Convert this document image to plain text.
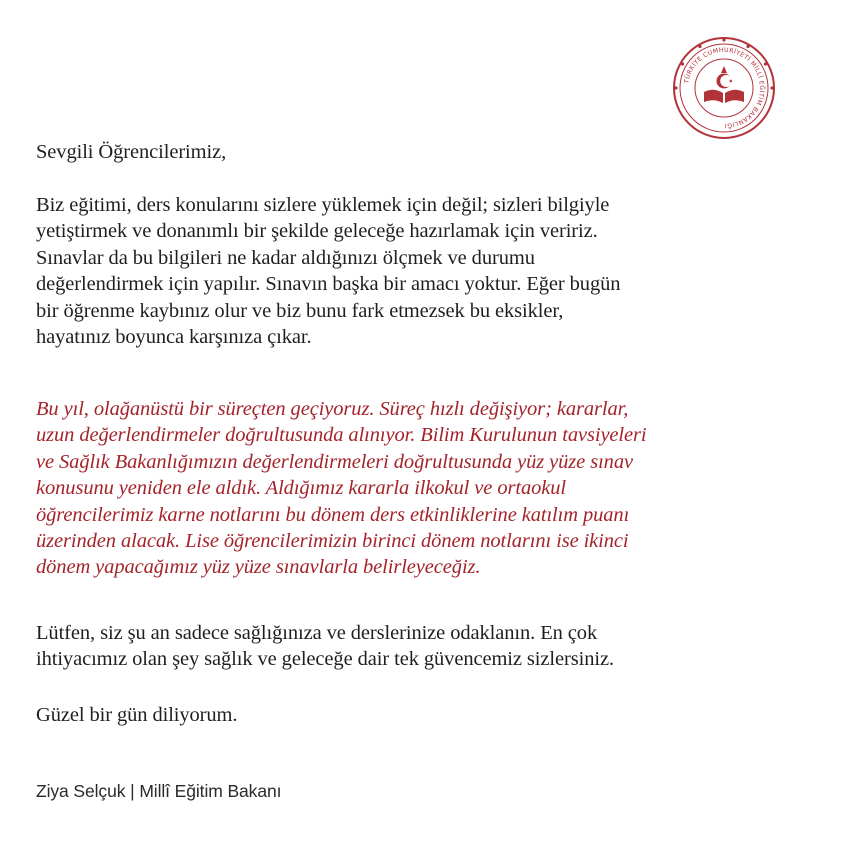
TÜRKİYE CUMHURİYETİ MİLLÎ EĞİTİM BAKANLIĞI
Sevgili Öğrencilerimiz,
Biz eğitimi, ders konularını sizlere yüklemek için değil; sizleri bilgiyle
yetiştirmek ve donanımlı bir şekilde geleceğe hazırlamak için veririz.
Sınavlar da bu bilgileri ne kadar aldığınızı ölçmek ve durumu
değerlendirmek için yapılır. Sınavın başka bir amacı yoktur. Eğer bugün
bir öğrenme kaybınız olur ve biz bunu fark etmezsek bu eksikler,
hayatınız boyunca karşınıza çıkar.
Bu yıl, olağanüstü bir süreçten geçiyoruz. Süreç hızlı değişiyor; kararlar,
uzun değerlendirmeler doğrultusunda alınıyor. Bilim Kurulunun tavsiyeleri
ve Sağlık Bakanlığımızın değerlendirmeleri doğrultusunda yüz yüze sınav
konusunu yeniden ele aldık. Aldığımız kararla ilkokul ve ortaokul
öğrencilerimiz karne notlarını bu dönem ders etkinliklerine katılım puanı
üzerinden alacak. Lise öğrencilerimizin birinci dönem notlarını ise ikinci
dönem yapacağımız yüz yüze sınavlarla belirleyeceğiz.
Lütfen, siz şu an sadece sağlığınıza ve derslerinize odaklanın. En çok
ihtiyacımız olan şey sağlık ve geleceğe dair tek güvencemiz sizlersiniz.
Güzel bir gün diliyorum.
Ziya Selçuk | Millî Eğitim Bakanı
